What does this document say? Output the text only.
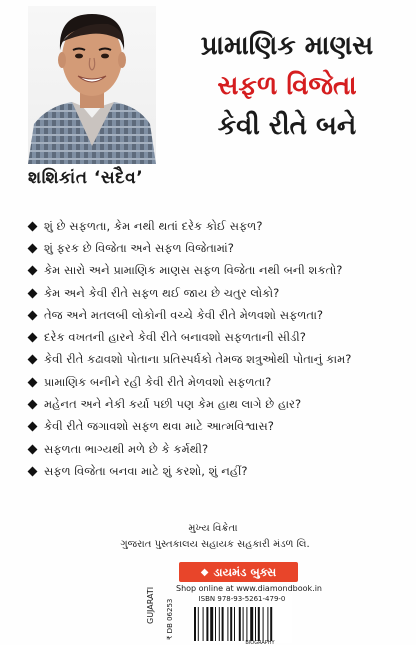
પ્રામાણિક માણસ
સફળ વિજેતા
કેવી રીતે બને
શશિકાંત ‘સદૈવ’
શું છે સફળતા, કેમ નથી થતાં દરેક કોઈ સફળ?
શું ફરક છે વિજેતા અને સફળ વિજેતામાં?
કેમ સારો અને પ્રામાણિક માણસ સફળ વિજેતા નથી બની શકતો?
કેમ અને કેવી રીતે સફળ થઈ જાય છે ચતુર લોકો?
તેજ અને મતલબી લોકોની વચ્ચે કેવી રીતે મેળવશો સફળતા?
દરેક વખતની હારને કેવી રીતે બનાવશો સફળતાની સીડી?
કેવી રીતે કઢાવશો પોતાના પ્રતિસ્પર્ધકો તેમજ શત્રુઓથી પોતાનું કામ?
પ્રામાણિક બનીને રહી કેવી રીતે મેળવશો સફળતા?
મહેનત અને નેકી કર્યા પછી પણ કેમ હાથ લાગે છે હાર?
કેવી રીતે જગાવશો સફળ થવા માટે આત્મવિશ્વાસ?
સફળતા ભાગ્યથી મળે છે કે કર્મથી?
સફળ વિજેતા બનવા માટે શું કરશો, શું નહીં?
મુખ્ય વિક્રેતા
ગુજરાત પુસ્તકાલય સહાયક સહકારી મંડળ લિ.
◆ ડાયમંડ બુક્સ
Shop online at www.diamondbook.in
GUJARATI ₹ DB 06253	ISBN 978-93-5261-479-0
BIOGRAPHY
